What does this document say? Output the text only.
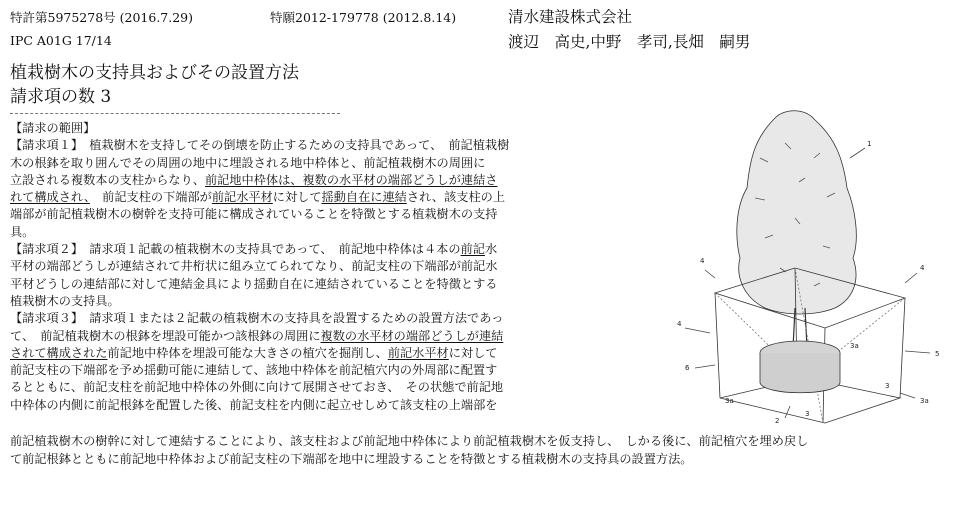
特許第5975278号 (2016.7.29)	特願2012-179778 (2012.8.14)	清水建設株式会社
IPC A01G 17/14	渡辺　高史,中野　孝司,長畑　嗣男
植栽樹木の支持具およびその設置方法
請求項の数 3
【請求の範囲】
【請求項１】　植栽樹木を支持してその倒壊を防止するための支持具であって、　前記植栽樹
木の根鉢を取り囲んでその周囲の地中に埋設される地中枠体と、前記植栽樹木の周囲に
立設される複数本の支柱からなり、前記地中枠体は、複数の水平材の端部どうしが連結さ
れて構成され、　前記支柱の下端部が前記水平材に対して揺動自在に連結され、該支柱の上
端部が前記植栽樹木の樹幹を支持可能に構成されていることを特徴とする植栽樹木の支持
具。
【請求項２】　請求項１記載の植栽樹木の支持具であって、　前記地中枠体は４本の前記水
平材の端部どうしが連結されて井桁状に組み立てられてなり、前記支柱の下端部が前記水
平材どうしの連結部に対して連結金具により揺動自在に連結されていることを特徴とする
植栽樹木の支持具。
【請求項３】　請求項１または２記載の植栽樹木の支持具を設置するための設置方法であっ
て、　前記植栽樹木の根鉢を埋設可能かつ該根鉢の周囲に複数の水平材の端部どうしが連結
されて構成された前記地中枠体を埋設可能な大きさの植穴を掘削し、前記水平材に対して
前記支柱の下端部を予め揺動可能に連結して、該地中枠体を前記植穴内の外周部に配置す
るとともに、前記支柱を前記地中枠体の外側に向けて展開させておき、　その状態で前記地
中枠体の内側に前記根鉢を配置した後、前記支柱を内側に起立せしめて該支柱の上端部を
前記植栽樹木の樹幹に対して連結することにより、該支柱および前記地中枠体により前記植栽樹木を仮支持し、　しかる後に、前記植穴を埋め戻し
て前記根鉢とともに前記地中枠体および前記支柱の下端部を地中に埋設することを特徴とする植栽樹木の支持具の設置方法。
1
4
4
4
6
5
3a
3a
2
3
3
3a
